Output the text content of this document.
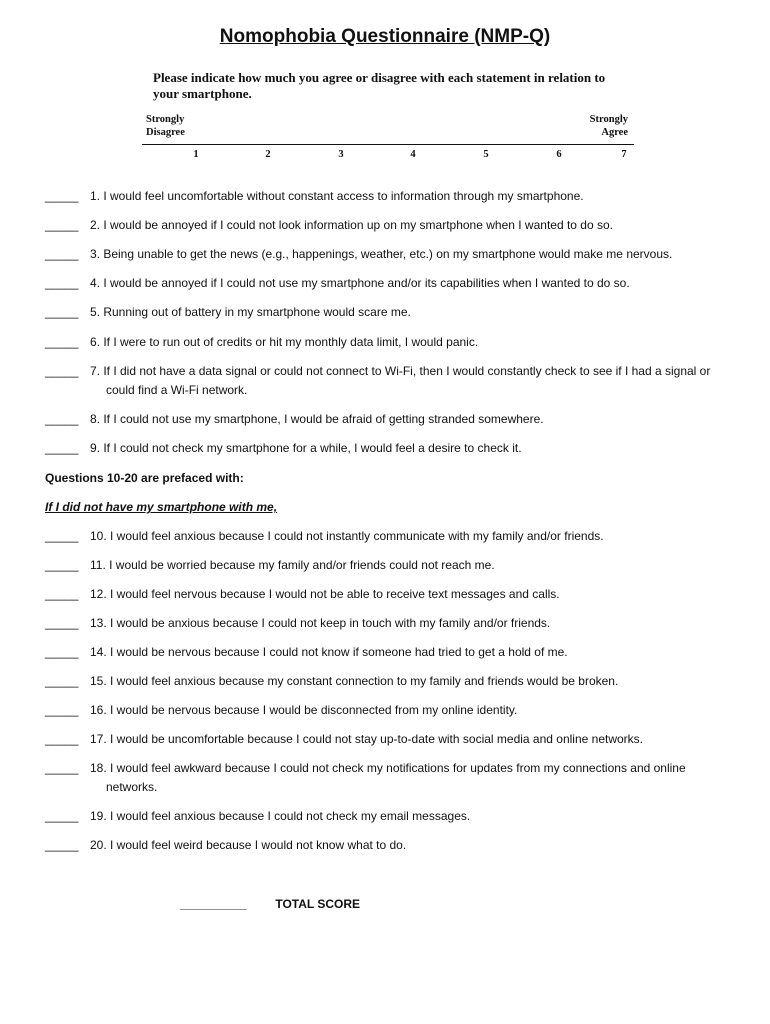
Nomophobia Questionnaire (NMP-Q)
Please indicate how much you agree or disagree with each statement in relation to your smartphone.
Strongly
Disagree
Strongly
Agree
1	2	3	4	5	6	7
_____ 1. I would feel uncomfortable without constant access to information through my smartphone.
_____ 2. I would be annoyed if I could not look information up on my smartphone when I wanted to do so.
_____ 3. Being unable to get the news (e.g., happenings, weather, etc.) on my smartphone would make me nervous.
_____ 4. I would be annoyed if I could not use my smartphone and/or its capabilities when I wanted to do so.
_____ 5. Running out of battery in my smartphone would scare me.
_____ 6. If I were to run out of credits or hit my monthly data limit, I would panic.
_____ 7. If I did not have a data signal or could not connect to Wi-Fi, then I would constantly check to see if I had a signal or could find a Wi-Fi network.
_____ 8. If I could not use my smartphone, I would be afraid of getting stranded somewhere.
_____ 9. If I could not check my smartphone for a while, I would feel a desire to check it.
Questions 10-20 are prefaced with:
If I did not have my smartphone with me,
_____ 10. I would feel anxious because I could not instantly communicate with my family and/or friends.
_____ 11. I would be worried because my family and/or friends could not reach me.
_____ 12. I would feel nervous because I would not be able to receive text messages and calls.
_____ 13. I would be anxious because I could not keep in touch with my family and/or friends.
_____ 14. I would be nervous because I could not know if someone had tried to get a hold of me.
_____ 15. I would feel anxious because my constant connection to my family and friends would be broken.
_____ 16. I would be nervous because I would be disconnected from my online identity.
_____ 17. I would be uncomfortable because I could not stay up-to-date with social media and online networks.
_____ 18. I would feel awkward because I could not check my notifications for updates from my connections and online networks.
_____ 19. I would feel anxious because I could not check my email messages.
_____ 20. I would feel weird because I would not know what to do.
__________ TOTAL SCORE
